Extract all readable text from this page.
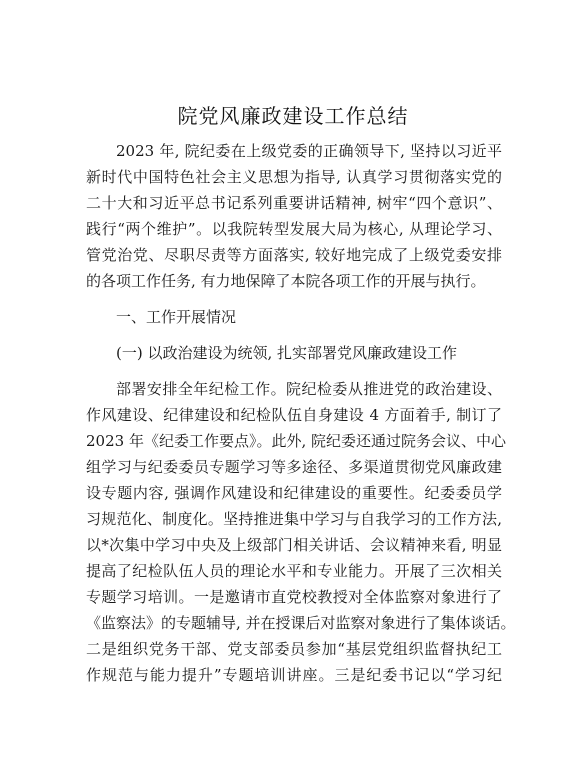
院党风廉政建设工作总结
2023 年, 院纪委在上级党委的正确领导下, 坚持以习近平
新时代中国特色社会主义思想为指导, 认真学习贯彻落实党的
二十大和习近平总书记系列重要讲话精神, 树牢“四个意识”、
践行“两个维护”。以我院转型发展大局为核心, 从理论学习、
管党治党、尽职尽责等方面落实, 较好地完成了上级党委安排
的各项工作任务, 有力地保障了本院各项工作的开展与执行。
一、工作开展情况
(一) 以政治建设为统领, 扎实部署党风廉政建设工作
部署安排全年纪检工作。院纪检委从推进党的政治建设、
作风建设、纪律建设和纪检队伍自身建设 4 方面着手, 制订了
2023 年《纪委工作要点》。此外, 院纪委还通过院务会议、中心
组学习与纪委委员专题学习等多途径、多渠道贯彻党风廉政建
设专题内容, 强调作风建设和纪律建设的重要性。纪委委员学
习规范化、制度化。坚持推进集中学习与自我学习的工作方法,
以*次集中学习中央及上级部门相关讲话、会议精神来看, 明显
提高了纪检队伍人员的理论水平和专业能力。开展了三次相关
专题学习培训。一是邀请市直党校教授对全体监察对象进行了
《监察法》的专题辅导, 并在授课后对监察对象进行了集体谈话。
二是组织党务干部、党支部委员参加“基层党组织监督执纪工
作规范与能力提升”专题培训讲座。三是纪委书记以“学习纪
